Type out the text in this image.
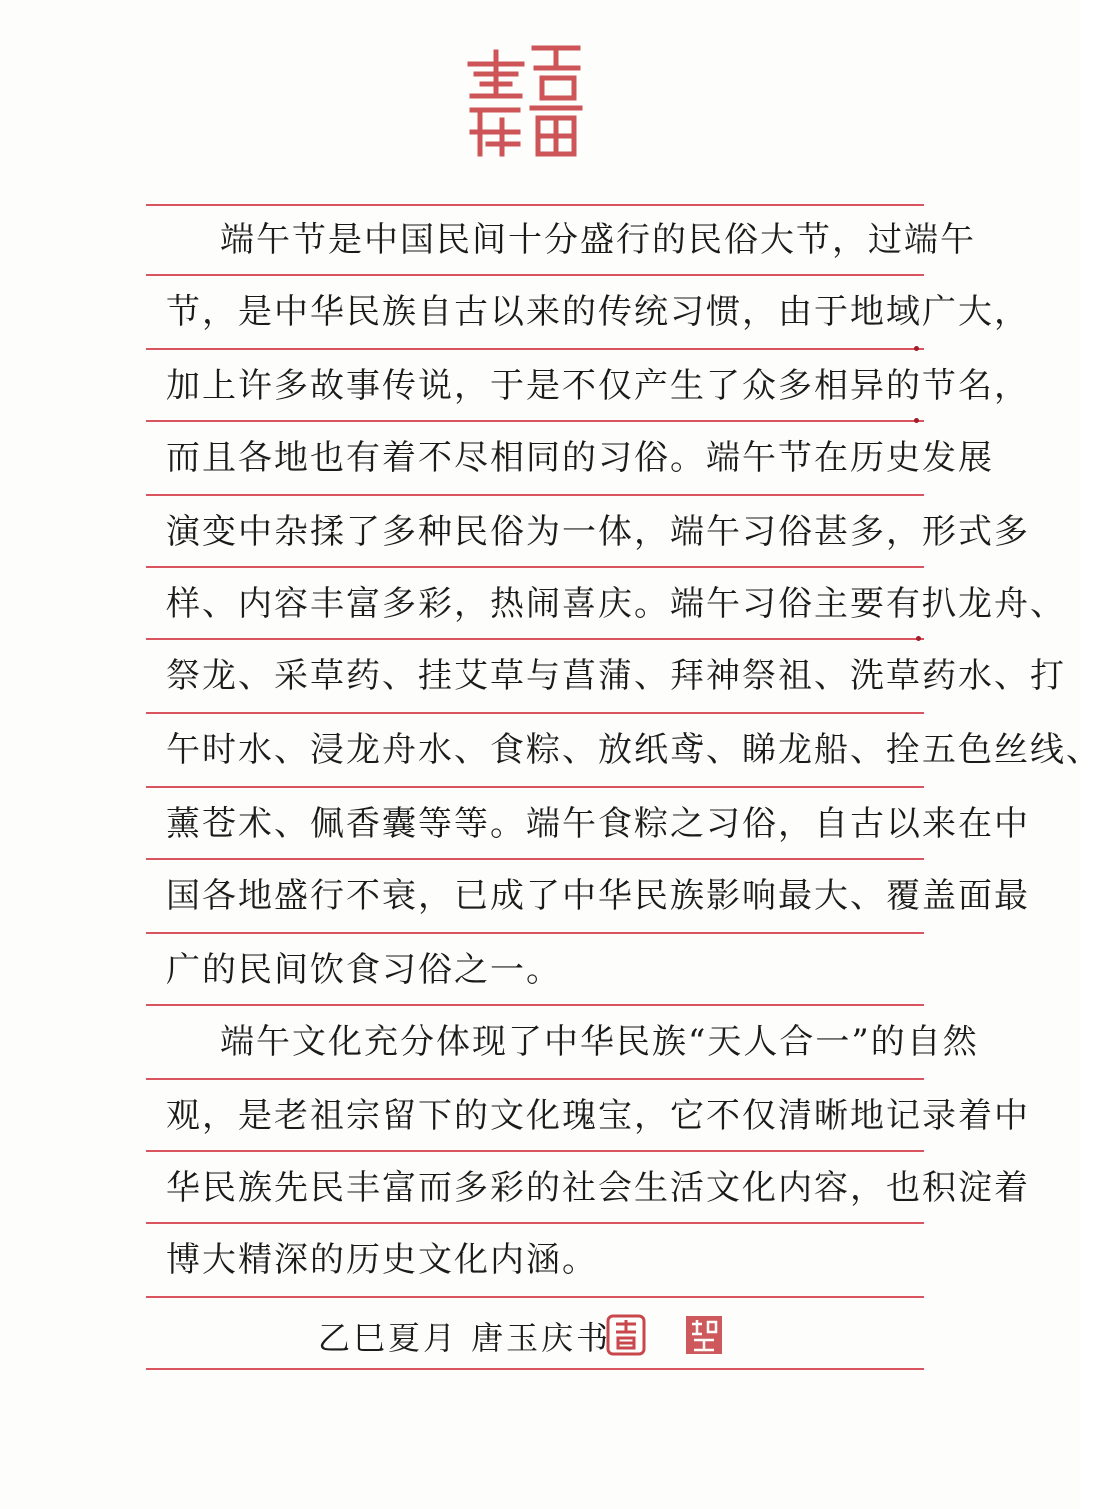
端午节是中国民间十分盛行的民俗大节，过端午
节，是中华民族自古以来的传统习惯，由于地域广大，
加上许多故事传说，于是不仅产生了众多相异的节名，
而且各地也有着不尽相同的习俗。端午节在历史发展
演变中杂揉了多种民俗为一体，端午习俗甚多，形式多
样、内容丰富多彩，热闹喜庆。端午习俗主要有扒龙舟、
祭龙、采草药、挂艾草与菖蒲、拜神祭祖、洗草药水、打
午时水、浸龙舟水、食粽、放纸鸢、睇龙船、拴五色丝线、
薰苍术、佩香囊等等。端午食粽之习俗，自古以来在中
国各地盛行不衰，已成了中华民族影响最大、覆盖面最
广的民间饮食习俗之一。
端午文化充分体现了中华民族“天人合一”的自然
观，是老祖宗留下的文化瑰宝，它不仅清晰地记录着中
华民族先民丰富而多彩的社会生活文化内容，也积淀着
博大精深的历史文化内涵。
乙巳夏月 唐玉庆书
